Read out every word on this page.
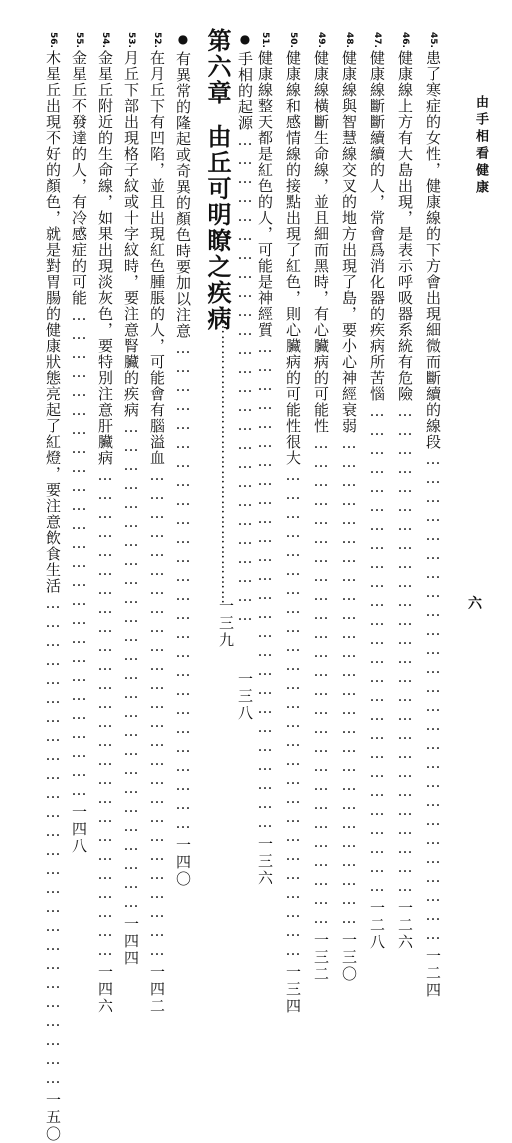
由手相看健康
六
45.
患了寒症的女性，健康線的下方會出現細微而斷續的線段
……………………………………………………………………
一二四
46.
健康線上方有大島出現，是表示呼吸器系統有危險
……………………………………………………………………
一二六
47.
健康線斷斷續續的人，常會爲消化器的疾病所苦惱
……………………………………………………………………
一二八
48.
健康線與智慧線交叉的地方出現了島，要小心神經衰弱
……………………………………………………………………
一三〇
49.
健康線橫斷生命線，並且細而黑時，有心臟病的可能性
……………………………………………………………………
一三二
50.
健康線和感情線的接點出現了紅色，則心臟病的可能性很大
……………………………………………………………………
一三四
51.
健康線整天都是紅色的人，可能是神經質
……………………………………………………………………
一三六
●
手相的起源
……………………………………………………………………
一三八
第六章
由丘可明瞭之疾病
……………………………………………………
一三九
●
有異常的隆起或奇異的顏色時要加以注意
……………………………………………………………………
一四〇
52.
在月丘下有凹陷，並且出現紅色腫脹的人，可能會有腦溢血
……………………………………………………………………
一四二
53.
月丘下部出現格子紋或十字紋時，要注意腎臟的疾病
……………………………………………………………………
一四四
54.
金星丘附近的生命線，如果出現淡灰色，要特別注意肝臟病
……………………………………………………………………
一四六
55.
金星丘不發達的人，有冷感症的可能
……………………………………………………………………
一四八
56.
木星丘出現不好的顏色，就是對胃腸的健康狀態亮起了紅燈，要注意飲食生活
……………………………………………………………………
一五〇
